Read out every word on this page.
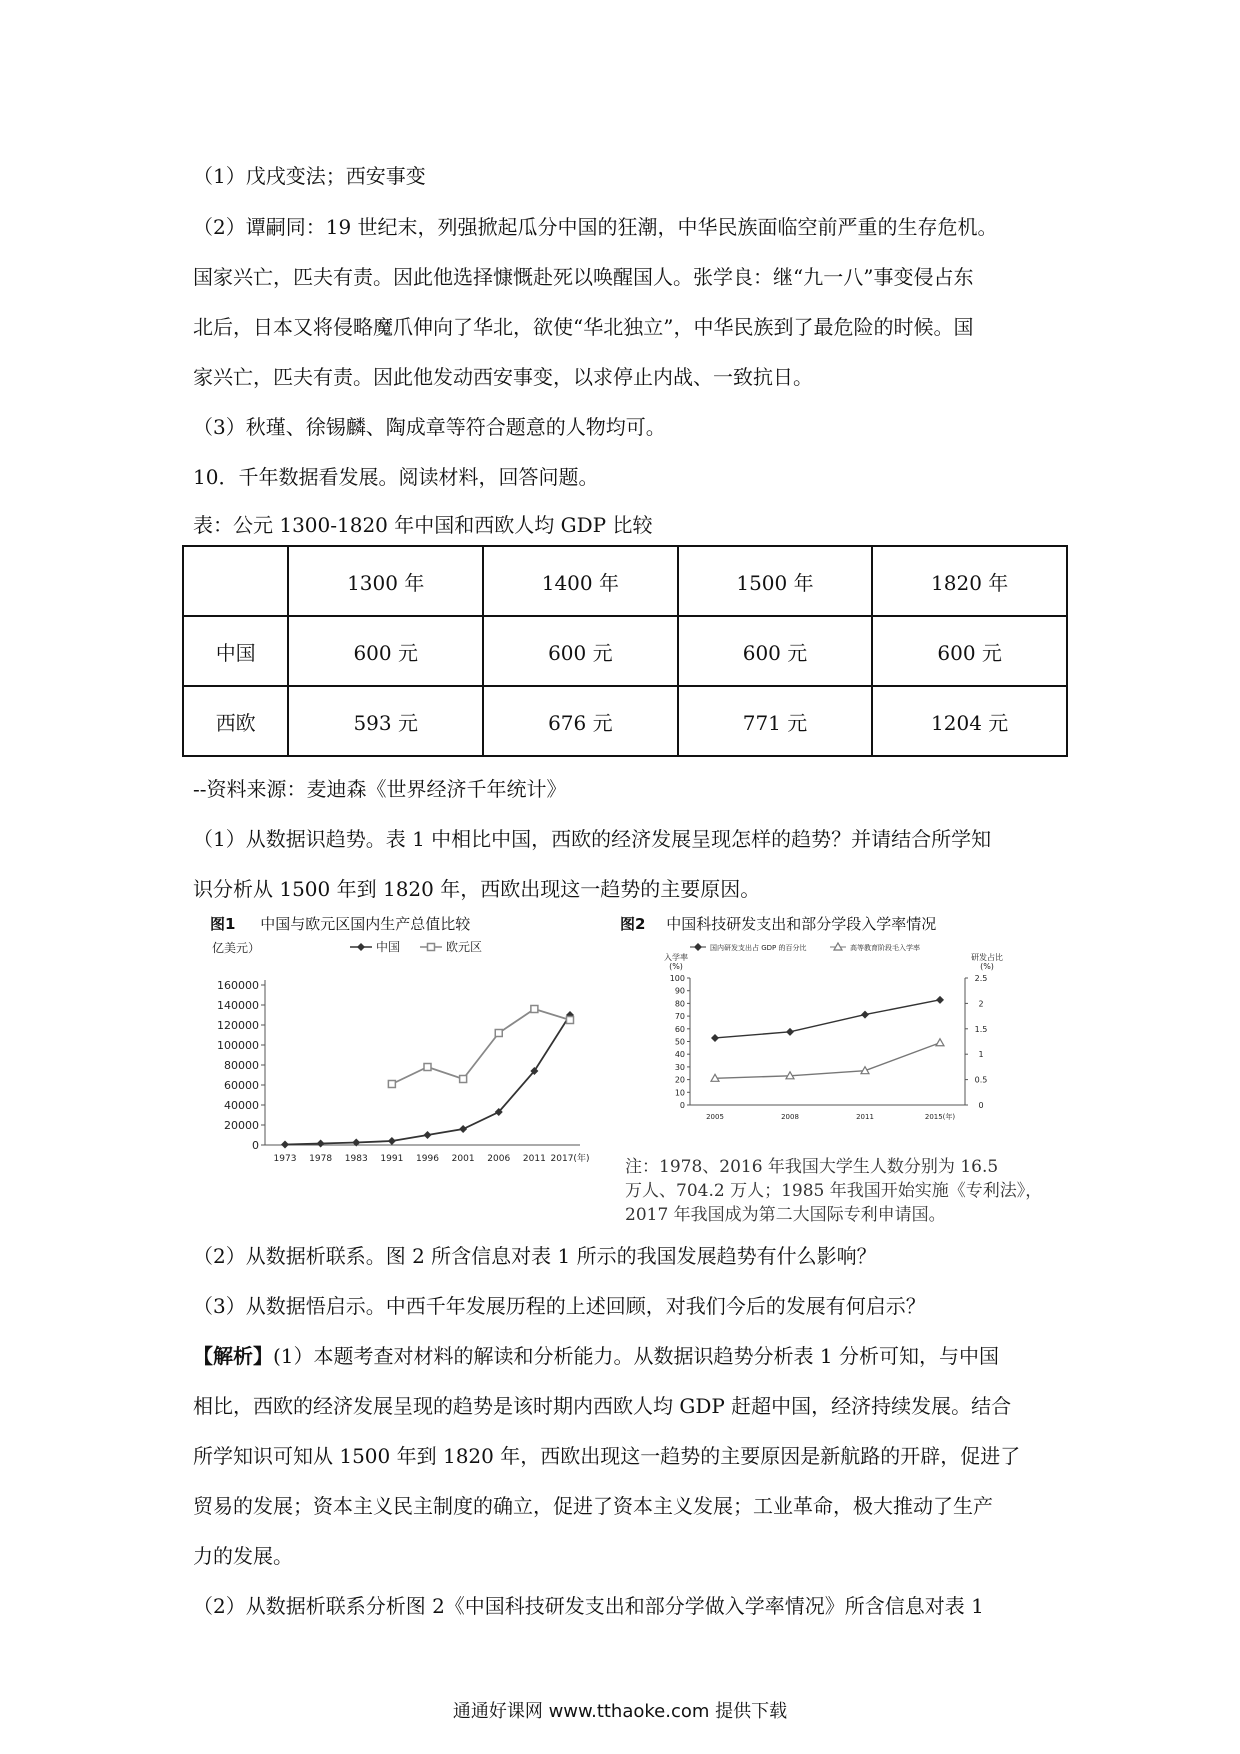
（1）戊戌变法；西安事变
（2）谭嗣同：19 世纪末，列强掀起瓜分中国的狂潮，中华民族面临空前严重的生存危机。
国家兴亡，匹夫有责。因此他选择慷慨赴死以唤醒国人。张学良：继“九一八”事变侵占东
北后，日本又将侵略魔爪伸向了华北，欲使“华北独立”，中华民族到了最危险的时候。国
家兴亡，匹夫有责。因此他发动西安事变，以求停止内战、一致抗日。
（3）秋瑾、徐锡麟、陶成章等符合题意的人物均可。
10．千年数据看发展。阅读材料，回答问题。
表：公元 1300-1820 年中国和西欧人均 GDP 比较
	1300 年	1400 年	1500 年	1820 年
中国	600 元	600 元	600 元	600 元
西欧	593 元	676 元	771 元	1204 元
--资料来源：麦迪森《世界经济千年统计》
（1）从数据识趋势。表 1 中相比中国，西欧的经济发展呈现怎样的趋势？并请结合所学知
识分析从 1500 年到 1820 年，西欧出现这一趋势的主要原因。
图1 中国与欧元区国内生产总值比较
亿美元）
0
20000
40000
60000
80000
100000
120000
140000
160000
1973 1978 1983 1991 1996 2001 2006 2011 2017(年)
中国	欧元区
图2 中国科技研发支出和部分学段入学率情况
国内研发支出占 GDP 的百分比	高等教育阶段毛入学率
入学率
(%)
研发占比
(%)
0
10
20
30
40
50
60
70
80
90
100
0
0.5
1
1.5
2
2.5
2005	2008	2011	2015(年)
注：1978、2016 年我国大学生人数分别为 16.5
万人、704.2 万人；1985 年我国开始实施《专利法》，
2017 年我国成为第二大国际专利申请国。
（2）从数据析联系。图 2 所含信息对表 1 所示的我国发展趋势有什么影响？
（3）从数据悟启示。中西千年发展历程的上述回顾，对我们今后的发展有何启示？
【解析】(1）本题考查对材料的解读和分析能力。从数据识趋势分析表 1 分析可知，与中国
相比，西欧的经济发展呈现的趋势是该时期内西欧人均 GDP 赶超中国，经济持续发展。结合
所学知识可知从 1500 年到 1820 年，西欧出现这一趋势的主要原因是新航路的开辟，促进了
贸易的发展；资本主义民主制度的确立，促进了资本主义发展；工业革命，极大推动了生产
力的发展。
（2）从数据析联系分析图 2《中国科技研发支出和部分学做入学率情况》所含信息对表 1
通通好课网 www.tthaoke.com 提供下载
